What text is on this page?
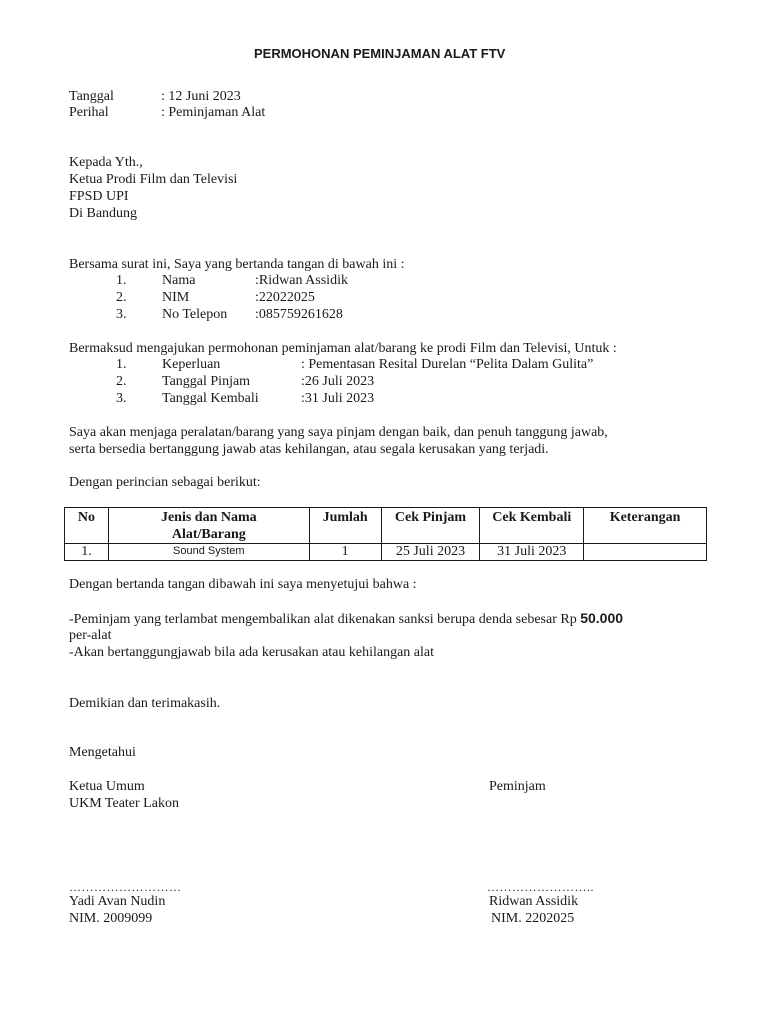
PERMOHONAN PEMINJAMAN ALAT FTV
Tanggal	: 12 Juni 2023
Perihal	: Peminjaman Alat
Kepada Yth.,
Ketua Prodi Film dan Televisi
FPSD UPI
Di Bandung
Bersama surat ini, Saya yang bertanda tangan di bawah ini :
1.	Nama	:Ridwan Assidik
2.	NIM	:22022025
3.	No Telepon :085759261628
Bermaksud mengajukan permohonan peminjaman alat/barang ke prodi Film dan Televisi, Untuk :
1.	Keperluan	: Pementasan Resital Durelan “Pelita Dalam Gulita”
2.	Tanggal Pinjam	:26 Juli 2023
3.	Tanggal Kembali	:31 Juli 2023
Saya akan menjaga peralatan/barang yang saya pinjam dengan baik, dan penuh tanggung jawab,
serta bersedia bertanggung jawab atas kehilangan, atau segala kerusakan yang terjadi.
Dengan perincian sebagai berikut:
No	Jenis dan Nama Alat/Barang	Jumlah	Cek Pinjam	Cek Kembali	Keterangan
1.	Sound System	1	25 Juli 2023	31 Juli 2023	
Dengan bertanda tangan dibawah ini saya menyetujui bahwa :
-Peminjam yang terlambat mengembalikan alat dikenakan sanksi berupa denda sebesar Rp 50.000
per-alat
-Akan bertanggungjawab bila ada kerusakan atau kehilangan alat
Demikian dan terimakasih.
Mengetahui
Ketua Umum
UKM Teater Lakon
Peminjam
………………………	……………………..
Yadi Avan Nudin
NIM. 2009099
Ridwan Assidik
NIM. 2202025
